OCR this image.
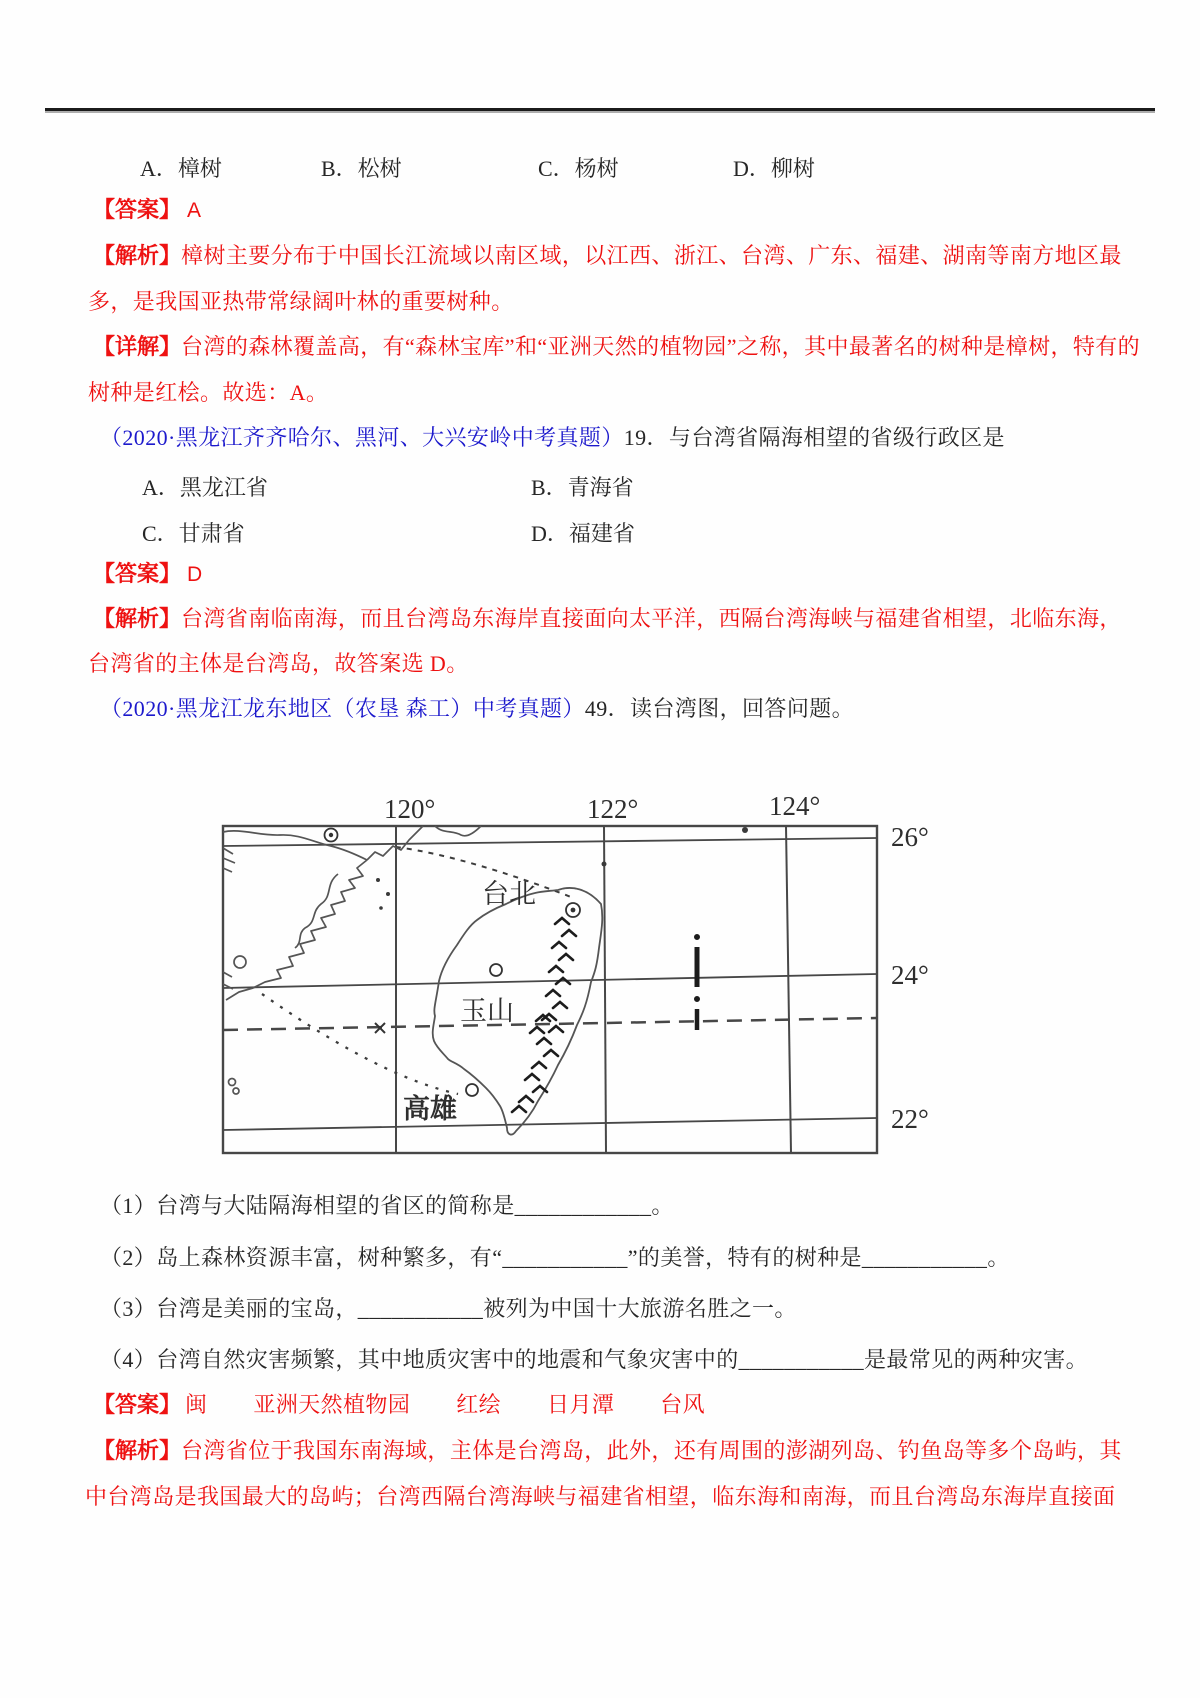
A．樟树	B．松树	C．杨树	D．柳树
【答案】 A
【解析】樟树主要分布于中国长江流域以南区域，以江西、浙江、台湾、广东、福建、湖南等南方地区最
多，是我国亚热带常绿阔叶林的重要树种。
【详解】台湾的森林覆盖高，有“森林宝库”和“亚洲天然的植物园”之称，其中最著名的树种是樟树，特有的
树种是红桧。故选：A。
（2020·黑龙江齐齐哈尔、黑河、大兴安岭中考真题）19．与台湾省隔海相望的省级行政区是
A．黑龙江省	B．青海省
C．甘肃省	D．福建省
【答案】 D
【解析】台湾省南临南海，而且台湾岛东海岸直接面向太平洋，西隔台湾海峡与福建省相望，北临东海，
台湾省的主体是台湾岛，故答案选 D。
（2020·黑龙江龙东地区（农垦 森工）中考真题）49．读台湾图，回答问题。
120°	122°	124°
26°
24°
22°
台北
玉山
高雄
（1）台湾与大陆隔海相望的省区的简称是____________。
（2）岛上森林资源丰富，树种繁多，有“___________”的美誉，特有的树种是___________。
（3）台湾是美丽的宝岛，___________被列为中国十大旅游名胜之一。
（4）台湾自然灾害频繁，其中地质灾害中的地震和气象灾害中的___________是最常见的两种灾害。
【答案】 闽 亚洲天然植物园 红绘 日月潭 台风
【解析】台湾省位于我国东南海域，主体是台湾岛，此外，还有周围的澎湖列岛、钓鱼岛等多个岛屿，其
中台湾岛是我国最大的岛屿；台湾西隔台湾海峡与福建省相望，临东海和南海，而且台湾岛东海岸直接面
